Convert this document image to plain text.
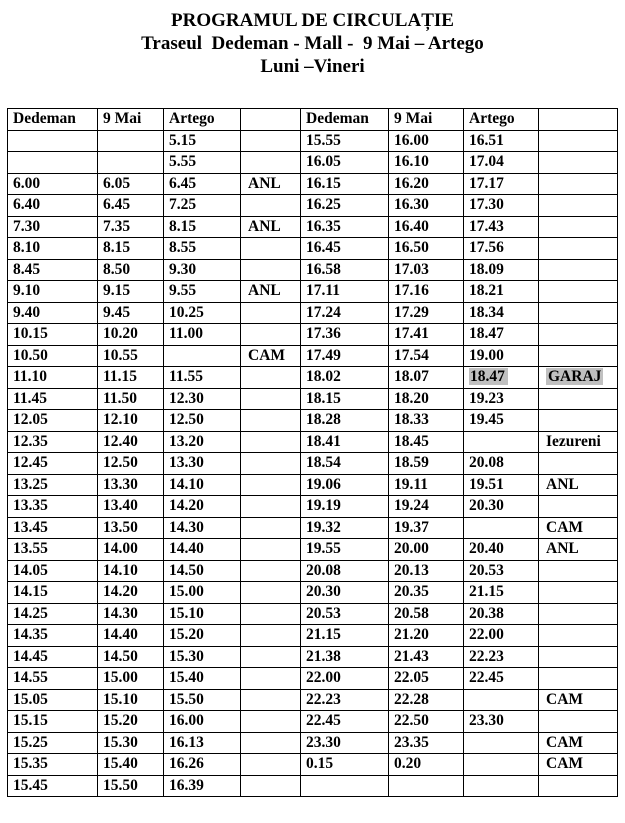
PROGRAMUL DE CIRCULAȚIE
Traseul  Dedeman - Mall -  9 Mai – Artego
Luni –Vineri
Dedeman	9 Mai	Artego		Dedeman	9 Mai	Artego	
		5.15		15.55	16.00	16.51	
		5.55		16.05	16.10	17.04	
6.00	6.05	6.45	ANL	16.15	16.20	17.17	
6.40	6.45	7.25		16.25	16.30	17.30	
7.30	7.35	8.15	ANL	16.35	16.40	17.43	
8.10	8.15	8.55		16.45	16.50	17.56	
8.45	8.50	9.30		16.58	17.03	18.09	
9.10	9.15	9.55	ANL	17.11	17.16	18.21	
9.40	9.45	10.25		17.24	17.29	18.34	
10.15	10.20	11.00		17.36	17.41	18.47	
10.50	10.55		CAM	17.49	17.54	19.00	
11.10	11.15	11.55		18.02	18.07	18.47	GARAJ
11.45	11.50	12.30		18.15	18.20	19.23	
12.05	12.10	12.50		18.28	18.33	19.45	
12.35	12.40	13.20		18.41	18.45		Iezureni
12.45	12.50	13.30		18.54	18.59	20.08	
13.25	13.30	14.10		19.06	19.11	19.51	ANL
13.35	13.40	14.20		19.19	19.24	20.30	
13.45	13.50	14.30		19.32	19.37		CAM
13.55	14.00	14.40		19.55	20.00	20.40	ANL
14.05	14.10	14.50		20.08	20.13	20.53	
14.15	14.20	15.00		20.30	20.35	21.15	
14.25	14.30	15.10		20.53	20.58	20.38	
14.35	14.40	15.20		21.15	21.20	22.00	
14.45	14.50	15.30		21.38	21.43	22.23	
14.55	15.00	15.40		22.00	22.05	22.45	
15.05	15.10	15.50		22.23	22.28		CAM
15.15	15.20	16.00		22.45	22.50	23.30	
15.25	15.30	16.13		23.30	23.35		CAM
15.35	15.40	16.26		0.15	0.20		CAM
15.45	15.50	16.39					
